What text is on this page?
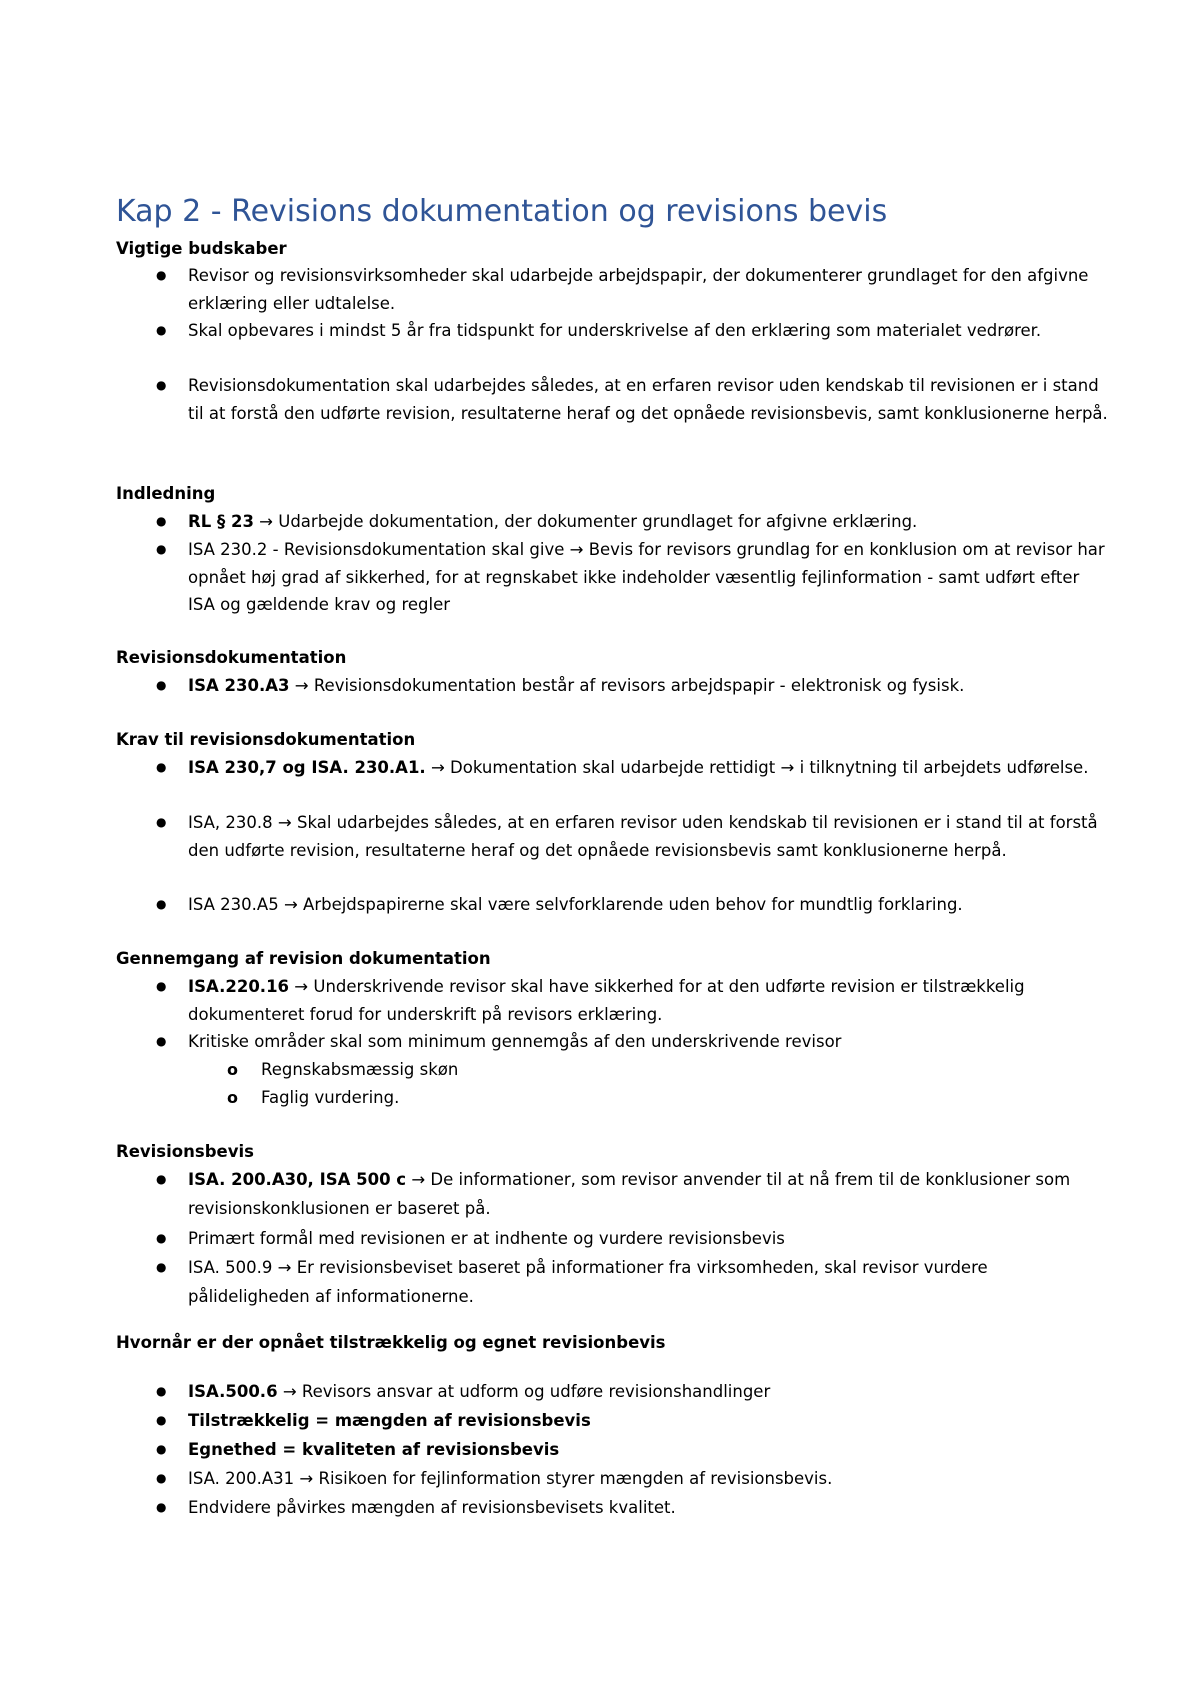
Kap 2 - Revisions dokumentation og revisions bevis
Vigtige budskaber
● Revisor og revisionsvirksomheder skal udarbejde arbejdspapir, der dokumenterer grundlaget for den afgivne erklæring eller udtalelse.
● Skal opbevares i mindst 5 år fra tidspunkt for underskrivelse af den erklæring som materialet vedrører.
● Revisionsdokumentation skal udarbejdes således, at en erfaren revisor uden kendskab til revisionen er i stand til at forstå den udførte revision, resultaterne heraf og det opnåede revisionsbevis, samt konklusionerne herpå.
Indledning
● RL § 23 → Udarbejde dokumentation, der dokumenter grundlaget for afgivne erklæring.
● ISA 230.2 - Revisionsdokumentation skal give → Bevis for revisors grundlag for en konklusion om at revisor har opnået høj grad af sikkerhed, for at regnskabet ikke indeholder væsentlig fejlinformation - samt udført efter ISA og gældende krav og regler
Revisionsdokumentation
● ISA 230.A3 → Revisionsdokumentation består af revisors arbejdspapir - elektronisk og fysisk.
Krav til revisionsdokumentation
● ISA 230,7 og ISA. 230.A1. → Dokumentation skal udarbejde rettidigt → i tilknytning til arbejdets udførelse.
● ISA, 230.8 → Skal udarbejdes således, at en erfaren revisor uden kendskab til revisionen er i stand til at forstå den udførte revision, resultaterne heraf og det opnåede revisionsbevis samt konklusionerne herpå.
● ISA 230.A5 → Arbejdspapirerne skal være selvforklarende uden behov for mundtlig forklaring.
Gennemgang af revision dokumentation
● ISA.220.16 → Underskrivende revisor skal have sikkerhed for at den udførte revision er tilstrækkelig dokumenteret forud for underskrift på revisors erklæring.
● Kritiske områder skal som minimum gennemgås af den underskrivende revisor
o Regnskabsmæssig skøn
o Faglig vurdering.
Revisionsbevis
● ISA. 200.A30, ISA 500 c → De informationer, som revisor anvender til at nå frem til de konklusioner som revisionskonklusionen er baseret på.
● Primært formål med revisionen er at indhente og vurdere revisionsbevis
● ISA. 500.9 → Er revisionsbeviset baseret på informationer fra virksomheden, skal revisor vurdere pålideligheden af informationerne.
Hvornår er der opnået tilstrækkelig og egnet revisionbevis
● ISA.500.6 → Revisors ansvar at udform og udføre revisionshandlinger
● Tilstrækkelig = mængden af revisionsbevis
● Egnethed = kvaliteten af revisionsbevis
● ISA. 200.A31 → Risikoen for fejlinformation styrer mængden af revisionsbevis.
● Endvidere påvirkes mængden af revisionsbevisets kvalitet.
